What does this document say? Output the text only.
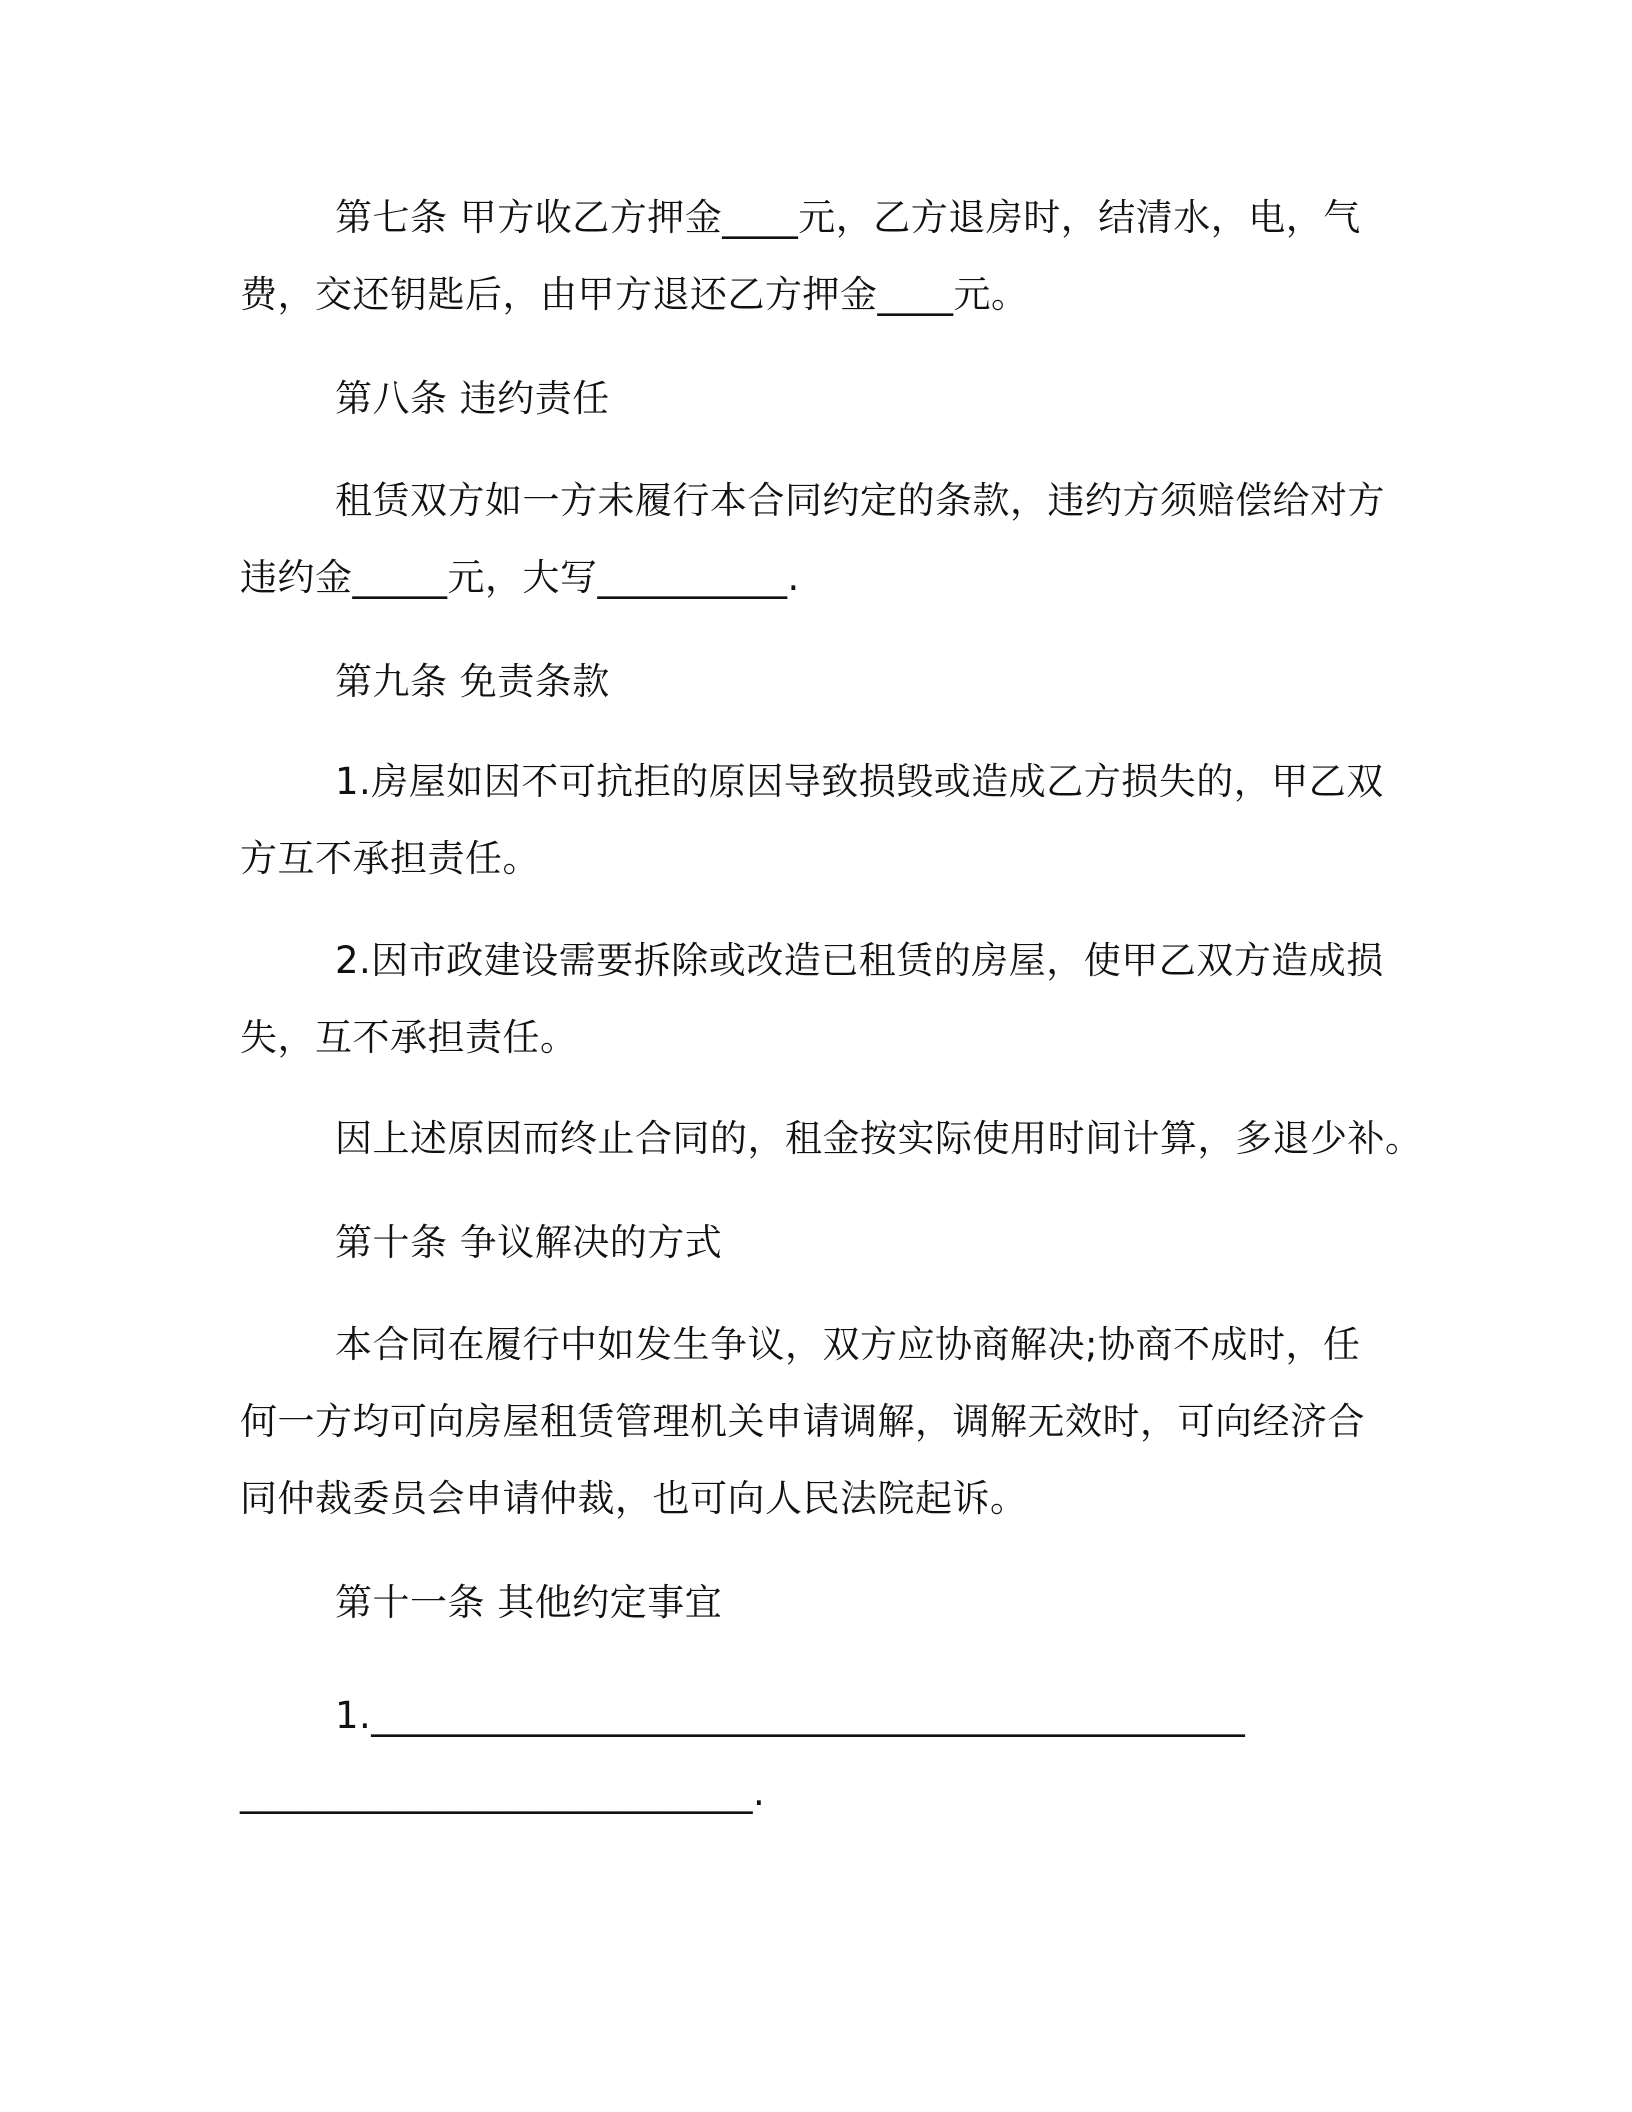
第七条 甲方收乙方押金____元，乙方退房时，结清水，电，气

费，交还钥匙后，由甲方退还乙方押金____元。

第八条 违约责任

租赁双方如一方未履行本合同约定的条款，违约方须赔偿给对方

违约金_____元，大写__________.

第九条 免责条款

1.房屋如因不可抗拒的原因导致损毁或造成乙方损失的，甲乙双

方互不承担责任。

2.因市政建设需要拆除或改造已租赁的房屋，使甲乙双方造成损

失，互不承担责任。

因上述原因而终止合同的，租金按实际使用时间计算，多退少补。

第十条 争议解决的方式

本合同在履行中如发生争议，双方应协商解决;协商不成时，任

何一方均可向房屋租赁管理机关申请调解，调解无效时，可向经济合

同仲裁委员会申请仲裁，也可向人民法院起诉。

第十一条 其他约定事宜

1.______________________________________________

___________________________.
